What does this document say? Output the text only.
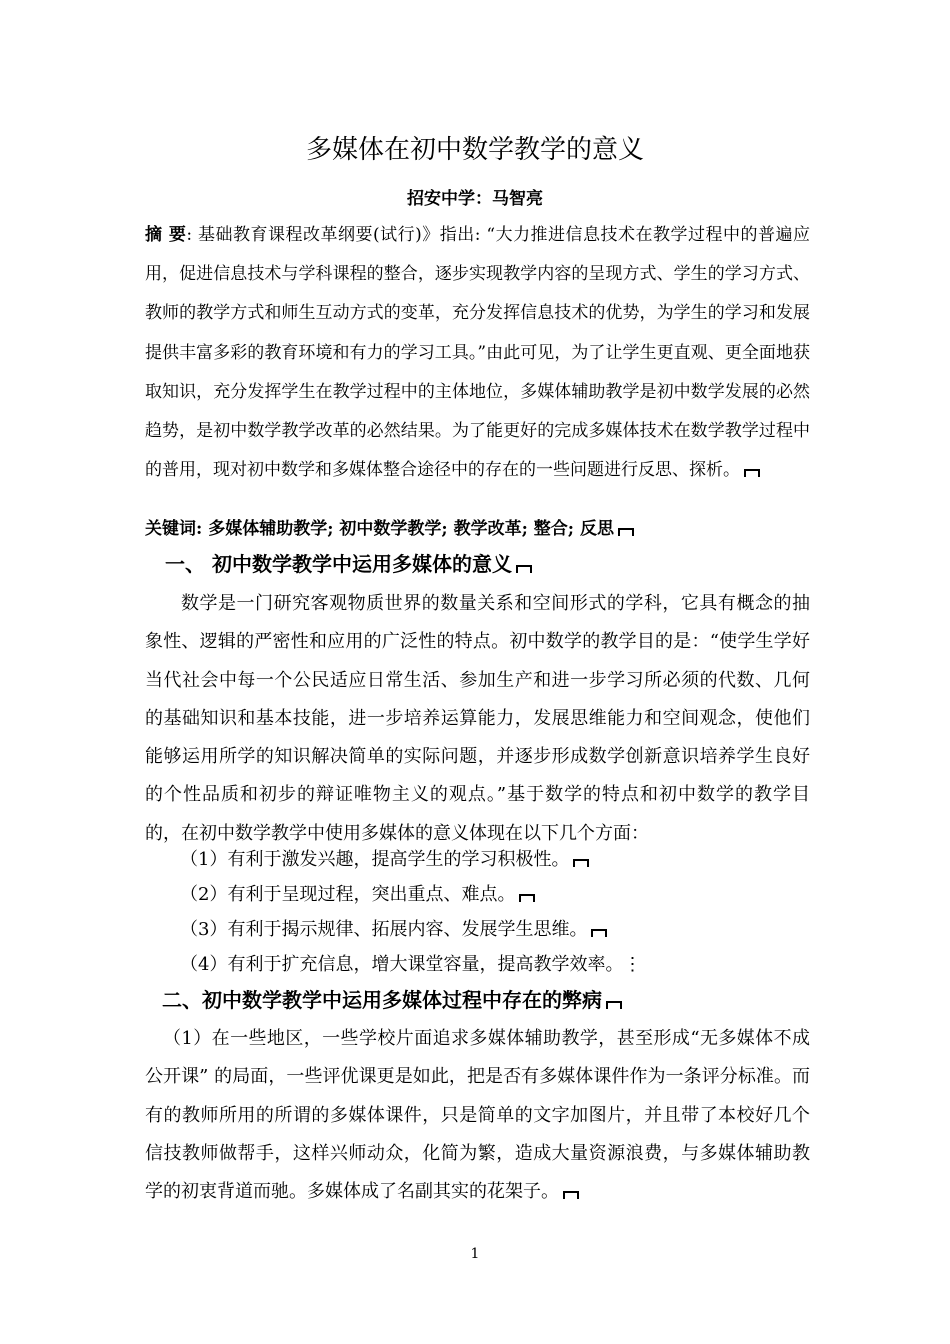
多媒体在初中数学教学的意义
招安中学：马智亮
摘 要: 基础教育课程改革纲要(试行)》指出: “大力推进信息技术在教学过程中的普遍应用，促进信息技术与学科课程的整合，逐步实现教学内容的呈现方式、学生的学习方式、教师的教学方式和师生互动方式的变革，充分发挥信息技术的优势，为学生的学习和发展提供丰富多彩的教育环境和有力的学习工具。”由此可见，为了让学生更直观、更全面地获取知识，充分发挥学生在教学过程中的主体地位，多媒体辅助教学是初中数学发展的必然趋势，是初中数学教学改革的必然结果。为了能更好的完成多媒体技术在数学教学过程中的普用，现对初中数学和多媒体整合途径中的存在的一些问题进行反思、探析。
关键词: 多媒体辅助教学; 初中数学教学; 教学改革; 整合; 反思
一、 初中数学教学中运用多媒体的意义
数学是一门研究客观物质世界的数量关系和空间形式的学科，它具有概念的抽象性、逻辑的严密性和应用的广泛性的特点。初中数学的教学目的是：“使学生学好当代社会中每一个公民适应日常生活、参加生产和进一步学习所必须的代数、几何的基础知识和基本技能，进一步培养运算能力，发展思维能力和空间观念，使他们能够运用所学的知识解决简单的实际问题，并逐步形成数学创新意识培养学生良好的个性品质和初步的辩证唯物主义的观点。”基于数学的特点和初中数学的教学目的，在初中数学教学中使用多媒体的意义体现在以下几个方面：
（1）有利于激发兴趣，提高学生的学习积极性。
（2）有利于呈现过程，突出重点、难点。
（3）有利于揭示规律、拓展内容、发展学生思维。
（4）有利于扩充信息，增大课堂容量，提高教学效率。⋮
二、初中数学教学中运用多媒体过程中存在的弊病
（1）在一些地区，一些学校片面追求多媒体辅助教学，甚至形成“无多媒体不成公开课” 的局面，一些评优课更是如此，把是否有多媒体课件作为一条评分标准。而有的教师所用的所谓的多媒体课件，只是简单的文字加图片，并且带了本校好几个信技教师做帮手，这样兴师动众，化简为繁，造成大量资源浪费，与多媒体辅助教学的初衷背道而驰。多媒体成了名副其实的花架子。
1
